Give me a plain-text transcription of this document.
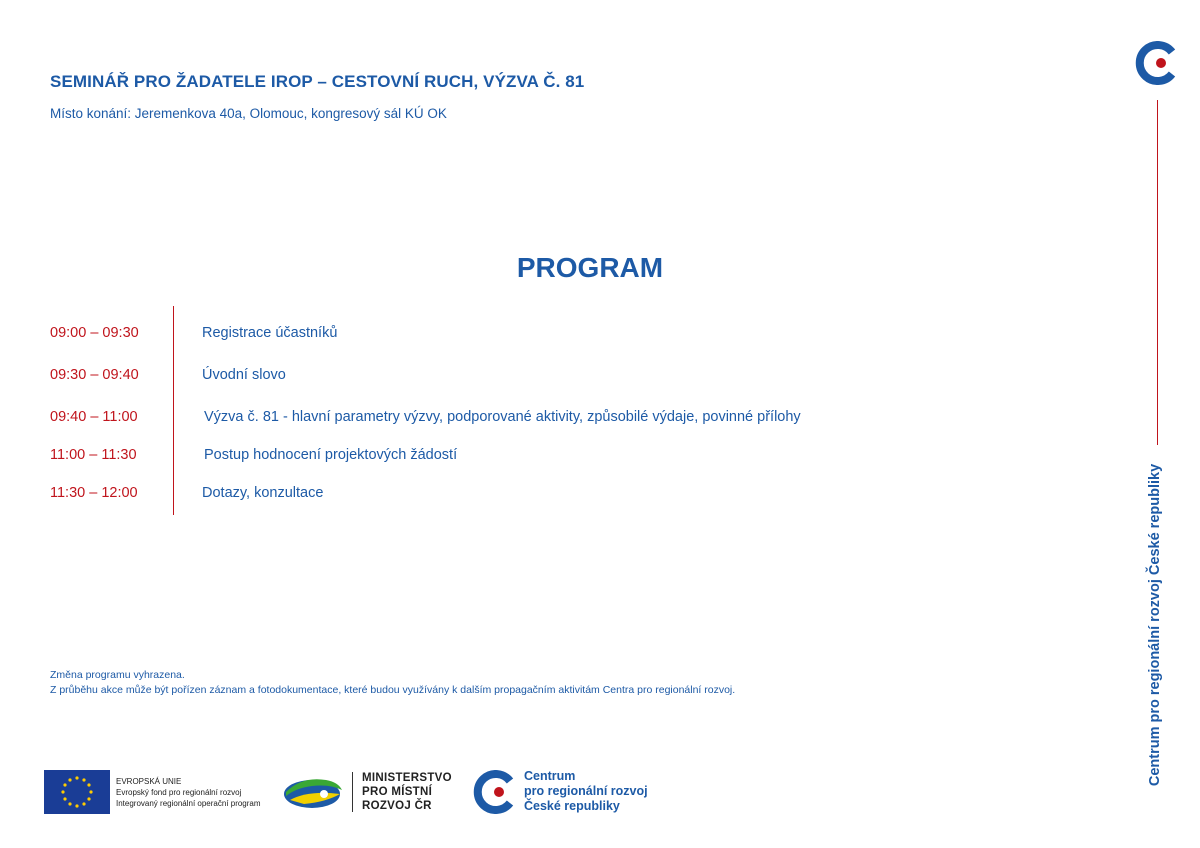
SEMINÁŘ PRO ŽADATELE IROP – CESTOVNÍ RUCH, VÝZVA Č. 81
Místo konání: Jeremenkova 40a, Olomouc, kongresový sál KÚ OK
PROGRAM
09:00 – 09:30	Registrace účastníků
09:30 – 09:40	Úvodní slovo
09:40 – 11:00	Výzva č. 81 - hlavní parametry výzvy, podporované aktivity, způsobilé výdaje, povinné přílohy
11:00 – 11:30	Postup hodnocení projektových žádostí
11:30 – 12:00	Dotazy, konzultace
Změna programu vyhrazena.
Z průběhu akce může být pořízen záznam a fotodokumentace, které budou využívány k dalším propagačním aktivitám Centra pro regionální rozvoj.	Centrum pro regionální rozvoj České republiky
EVROPSKÁ UNIE
Evropský fond pro regionální rozvoj
Integrovaný regionální operační program
MINISTERSTVO
PRO MÍSTNÍ
ROZVOJ ČR
Centrum
pro regionální rozvoj
České republiky
